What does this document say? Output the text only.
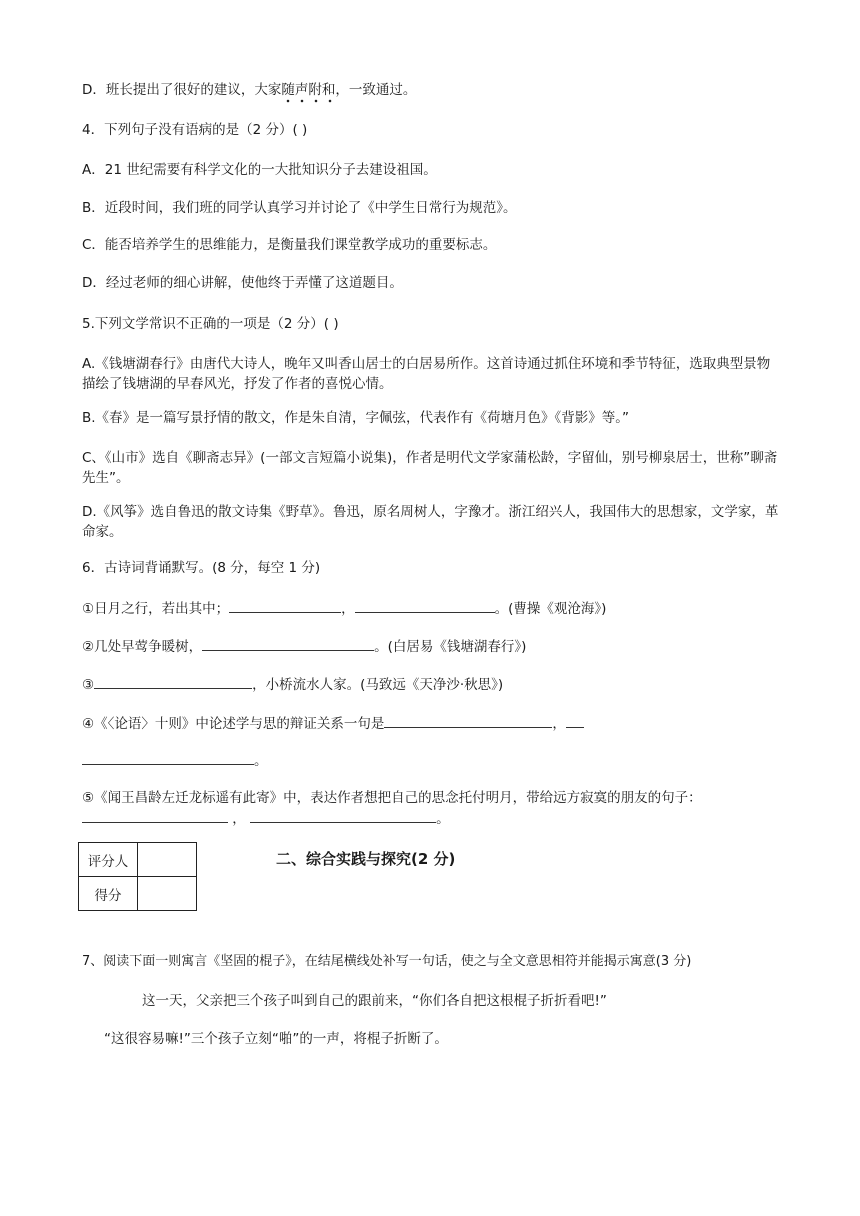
D．班长提出了很好的建议，大家随声附和，一致通过。
4．下列句子没有语病的是（2 分）( )
A．21 世纪需要有科学文化的一大批知识分子去建设祖国。
B．近段时间，我们班的同学认真学习并讨论了《中学生日常行为规范》。
C．能否培养学生的思维能力，是衡量我们课堂教学成功的重要标志。
D．经过老师的细心讲解，使他终于弄懂了这道题目。
5.下列文学常识不正确的一项是（2 分）( )
A.《钱塘湖春行》由唐代大诗人，晚年又叫香山居士的白居易所作。这首诗通过抓住环境和季节特征，选取典型景物描绘了钱塘湖的早春风光，抒发了作者的喜悦心情。
B.《春》是一篇写景抒情的散文，作是朱自清，字佩弦，代表作有《荷塘月色》《背影》等。”
C、《山市》选自《聊斋志异》(一部文言短篇小说集)，作者是明代文学家蒲松龄，字留仙，别号柳泉居士，世称”聊斋先生”。
D.《风筝》选自鲁迅的散文诗集《野草》。鲁迅，原名周树人，字豫才。浙江绍兴人，我国伟大的思想家，文学家，革命家。
6．古诗词背诵默写。(8 分，每空 1 分)
①日月之行，若出其中；	，	。(曹操《观沧海》)
②几处早莺争暖树，	。(白居易《钱塘湖春行》)
③	，小桥流水人家。(马致远《天净沙·秋思》)
④《〈论语〉十则》中论述学与思的辩证关系一句是	，
。
⑤《闻王昌龄左迁龙标遥有此寄》中，表达作者想把自己的思念托付明月，带给远方寂寞的朋友的句子： ，	。
评分人	
得分	
二、综合实践与探究(2 分)
7、阅读下面一则寓言《坚固的棍子》，在结尾横线处补写一句话，使之与全文意思相符并能揭示寓意(3 分)
这一天，父亲把三个孩子叫到自己的跟前来，“你们各自把这根棍子折折看吧!”
“这很容易嘛!”三个孩子立刻“啪”的一声，将棍子折断了。
